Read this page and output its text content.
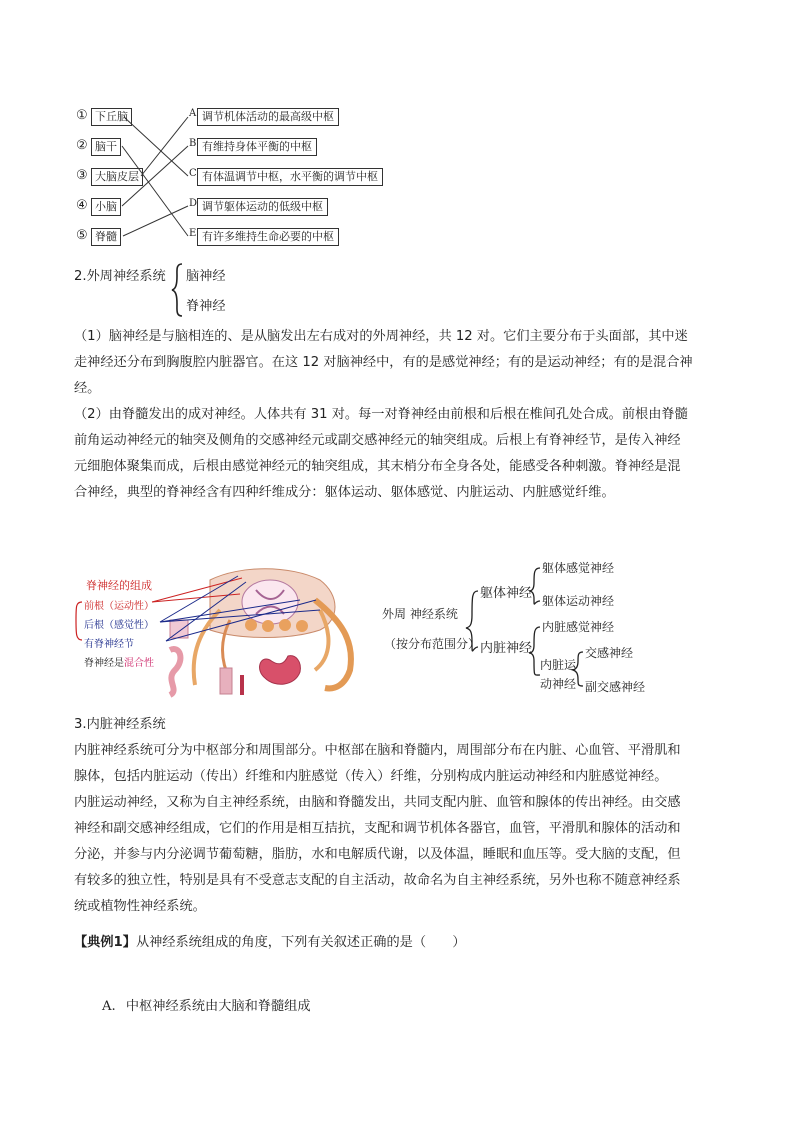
① 下丘脑
② 脑干
③ 大脑皮层
④ 小脑
⑤ 脊髓
A 调节机体活动的最高级中枢
B 有维持身体平衡的中枢
C 有体温调节中枢，水平衡的调节中枢
D 调节躯体运动的低级中枢
E 有许多维持生命必要的中枢
2.外周神经系统 脑神经
脊神经
（1）脑神经是与脑相连的、是从脑发出左右成对的外周神经，共 12 对。它们主要分布于头面部，其中迷
走神经还分布到胸腹腔内脏器官。在这 12 对脑神经中，有的是感觉神经；有的是运动神经；有的是混合神
经。
（2）由脊髓发出的成对神经。人体共有 31 对。每一对脊神经由前根和后根在椎间孔处合成。前根由脊髓
前角运动神经元的轴突及侧角的交感神经元或副交感神经元的轴突组成。后根上有脊神经节，是传入神经
元细胞体聚集而成，后根由感觉神经元的轴突组成，其末梢分布全身各处，能感受各种刺激。脊神经是混
合神经，典型的脊神经含有四种纤维成分：躯体运动、躯体感觉、内脏运动、内脏感觉纤维。
脊神经的组成
前根（运动性）
后根（感觉性）
有脊神经节
脊神经是混合性
外周 神经系统
（按分布范围分）
躯体神经
躯体感觉神经
躯体运动神经
内脏神经
内脏感觉神经
内脏运
动神经
交感神经
副交感神经
3.内脏神经系统
内脏神经系统可分为中枢部分和周围部分。中枢部在脑和脊髓内，周围部分布在内脏、心血管、平滑肌和
腺体，包括内脏运动（传出）纤维和内脏感觉（传入）纤维，分别构成内脏运动神经和内脏感觉神经。
内脏运动神经，又称为自主神经系统，由脑和脊髓发出，共同支配内脏、血管和腺体的传出神经。由交感
神经和副交感神经组成，它们的作用是相互拮抗，支配和调节机体各器官，血管，平滑肌和腺体的活动和
分泌，并参与内分泌调节葡萄糖，脂肪，水和电解质代谢，以及体温，睡眠和血压等。受大脑的支配，但
有较多的独立性，特别是具有不受意志支配的自主活动，故命名为自主神经系统，另外也称不随意神经系
统或植物性神经系统。
【典例1】从神经系统组成的角度，下列有关叙述正确的是（　　）
A. 中枢神经系统由大脑和脊髓组成
